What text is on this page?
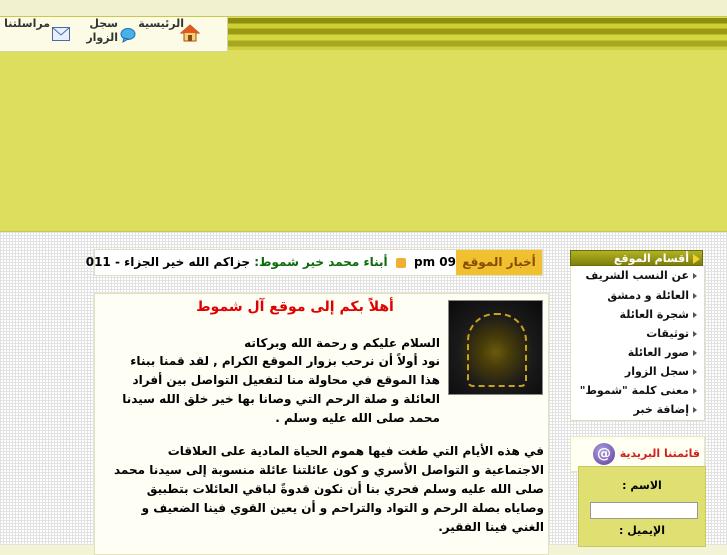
الرئيسية
سجل الزوار
مراسلتنا
أخبار الموقع
pm 09  أبناء محمد خير شموط: جزاكم الله خير الجزاء - 011
أهلاً بكم إلى موقع آل شموط
السلام عليكم و رحمة الله وبركاته
نود أولاً أن نرحب بزوار الموقع الكرام , لقد قمنا ببناء
هذا الموقع في محاولة منا لتفعيل التواصل بين أفراد
العائلة و صلة الرحم التي وصانا بها خير خلق الله سيدنا
محمد صلى الله عليه وسلم .
في هذه الأيام التي طغت فيها هموم الحياة المادية على العلاقات
الاجتماعية و التواصل الأسري و كون عائلتنا عائلة منسوبة إلى سيدنا محمد
صلى الله عليه وسلم فحري بنا أن نكون قدوةً لباقي العائلات بتطبيق
وصاياه بصلة الرحم و التواد والتراحم و أن يعين القوي فينا الضعيف و
الغني فينا الفقير.
أقسام الموقع
عن النسب الشريف
العائلة و دمشق
شجرة العائلة
توثيقات
صور العائلة
سجل الزوار
معنى كلمة "شموط"
إضافة خبر
@ قائمتنا البريدية
الاسم :
الإيميل :
